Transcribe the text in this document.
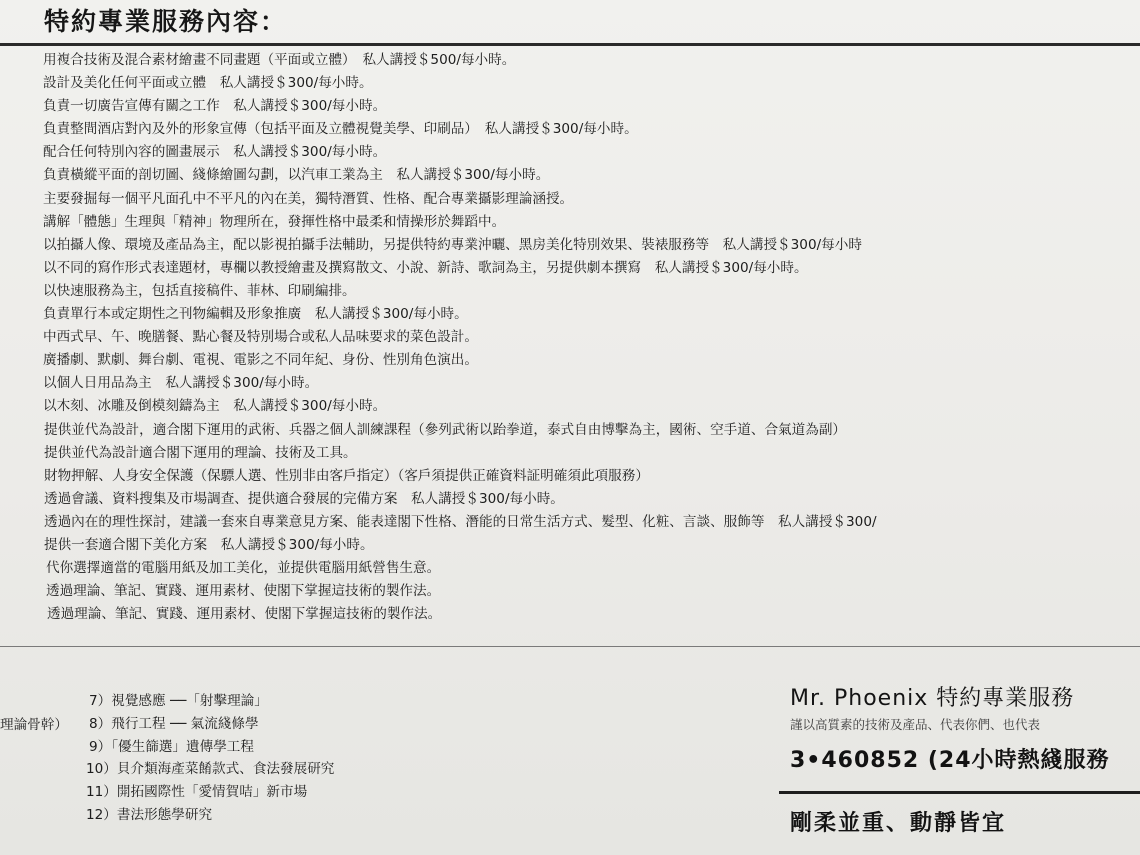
特約專業服務內容：
用複合技術及混合素材繪畫不同畫題（平面或立體）　私人講授＄500/每小時。
設計及美化任何平面或立體　私人講授＄300/每小時。
負責一切廣告宣傳有關之工作　私人講授＄300/每小時。
負責整間酒店對內及外的形象宣傳（包括平面及立體視覺美學、印刷品）　私人講授＄300/每小時。
配合任何特別內容的圖畫展示　私人講授＄300/每小時。
負責橫縱平面的剖切圖、綫條繪圖勾劃，以汽車工業為主　私人講授＄300/每小時。
主要發掘每一個平凡面孔中不平凡的內在美，獨特潛質、性格、配合專業攝影理論涵授。
講解「體態」生理與「精神」物理所在，發揮性格中最柔和情操形於舞蹈中。
以拍攝人像、環境及產品為主，配以影視拍攝手法輔助，另提供特約專業沖曬、黑房美化特別效果、裝裱服務等　私人講授＄300/每小時
以不同的寫作形式表達題材，專欄以教授繪畫及撰寫散文、小說、新詩、歌詞為主，另提供劇本撰寫　私人講授＄300/每小時。
以快速服務為主，包括直接稿件、菲林、印刷編排。
負責單行本或定期性之刊物編輯及形象推廣　私人講授＄300/每小時。
中西式早、午、晚膳餐、點心餐及特別場合或私人品味要求的菜色設計。
廣播劇、默劇、舞台劇、電視、電影之不同年紀、身份、性別角色演出。
以個人日用品為主　私人講授＄300/每小時。
以木刻、冰雕及倒模刻鑄為主　私人講授＄300/每小時。
提供並代為設計，適合閣下運用的武術、兵器之個人訓練課程（參列武術以跆拳道，泰式自由博擊為主，國術、空手道、合氣道為副）
提供並代為設計適合閣下運用的理論、技術及工具。
財物押解、人身安全保護（保驃人選、性別非由客戶指定）（客戶須提供正確資料証明確須此項服務）
透過會議、資料搜集及市場調查、提供適合發展的完備方案　私人講授＄300/每小時。
透過內在的理性探討，建議一套來自專業意見方案、能表達閣下性格、潛能的日常生活方式、髮型、化粧、言談、服飾等　私人講授＄300/
提供一套適合閣下美化方案　私人講授＄300/每小時。
代你選擇適當的電腦用紙及加工美化，並提供電腦用紙營售生意。
透過理論、筆記、實踐、運用素材、使閣下掌握這技術的製作法。
透過理論、筆記、實踐、運用素材、使閣下掌握這技術的製作法。
理論骨幹）
7）視覺感應 ──「射擊理論」
8）飛行工程 ── 氣流綫條學
9）「優生篩選」遺傳學工程
10）貝介類海產菜餚款式、食法發展研究
11）開拓國際性「愛情賀咭」新市場
12）書法形態學研究
Mr. Phoenix 特約專業服務
謹以高質素的技術及產品、代表你們、也代表
3•460852 (24小時熱綫服務
剛柔並重、動靜皆宜
